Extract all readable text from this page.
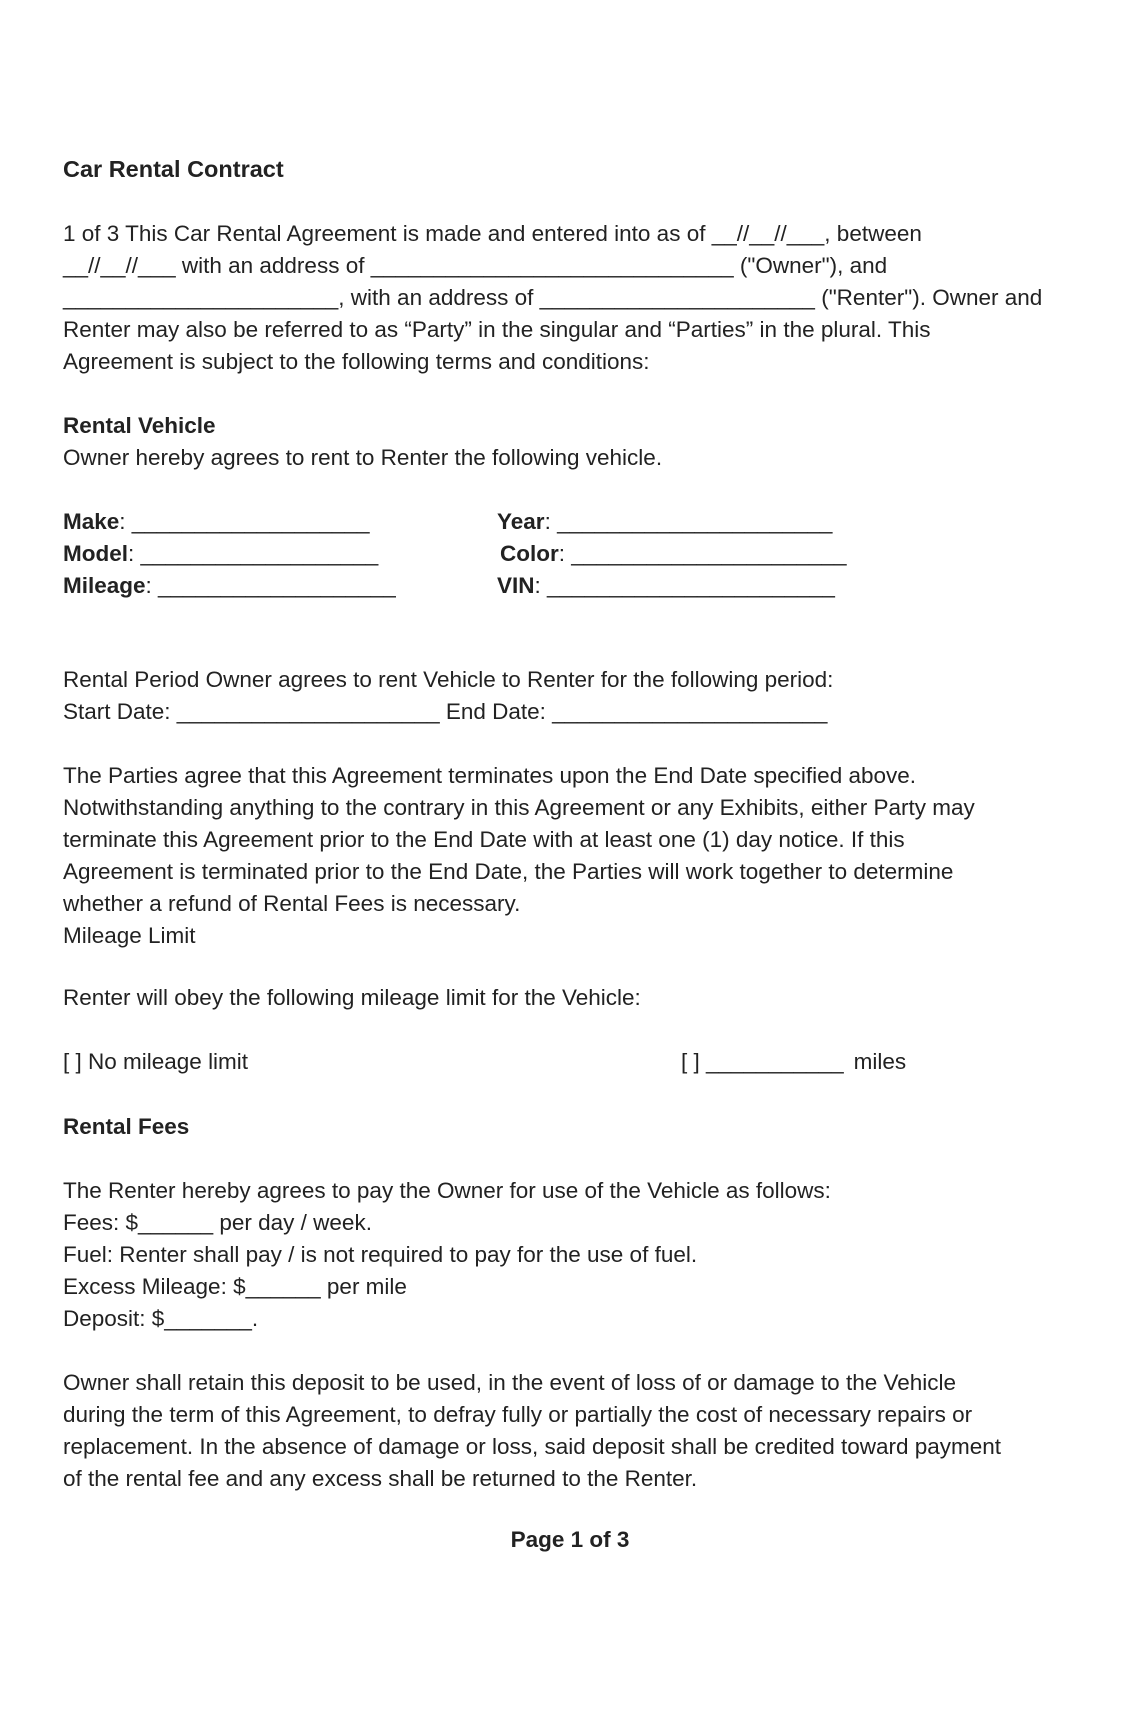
Car Rental Contract
1 of 3 This Car Rental Agreement is made and entered into as of __//__//___, between
__//__//___ with an address of _____________________________ ("Owner"), and
______________________, with an address of ______________________ ("Renter"). Owner and
Renter may also be referred to as “Party” in the singular and “Parties” in the plural. This
Agreement is subject to the following terms and conditions:
Rental Vehicle
Owner hereby agrees to rent to Renter the following vehicle.
Make: ___________________
Model: ___________________
Mileage: ___________________
Year: ______________________
Color: ______________________
VIN: _______________________
Rental Period Owner agrees to rent Vehicle to Renter for the following period:
Start Date: _____________________ End Date: ______________________
The Parties agree that this Agreement terminates upon the End Date specified above.
Notwithstanding anything to the contrary in this Agreement or any Exhibits, either Party may
terminate this Agreement prior to the End Date with at least one (1) day notice. If this
Agreement is terminated prior to the End Date, the Parties will work together to determine
whether a refund of Rental Fees is necessary.
Mileage Limit
Renter will obey the following mileage limit for the Vehicle:
[ ] No mileage limit	[ ] ___________ miles
Rental Fees
The Renter hereby agrees to pay the Owner for use of the Vehicle as follows:
Fees: $______ per day / week.
Fuel: Renter shall pay / is not required to pay for the use of fuel.
Excess Mileage: $______ per mile
Deposit: $_______.
Owner shall retain this deposit to be used, in the event of loss of or damage to the Vehicle
during the term of this Agreement, to defray fully or partially the cost of necessary repairs or
replacement. In the absence of damage or loss, said deposit shall be credited toward payment
of the rental fee and any excess shall be returned to the Renter.
Page 1 of 3
